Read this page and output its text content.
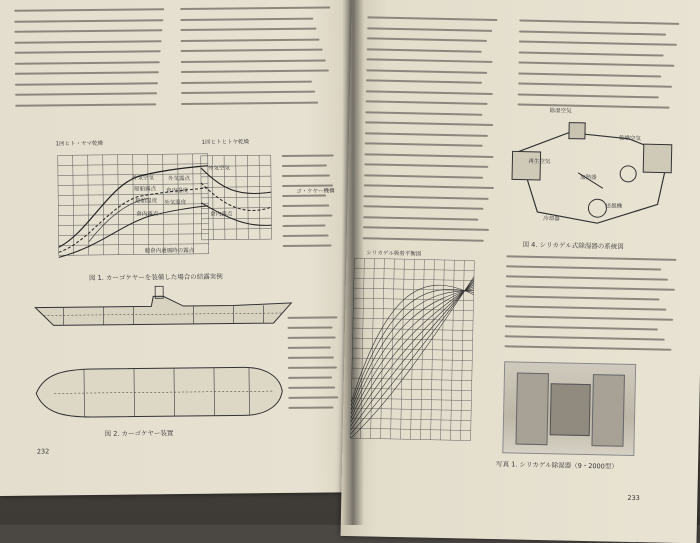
1回ヒト・ヤマ乾燥
外気空気	外気露点
船舶露点 倉内温度
船舶温度 外気温度
倉内露点
船倉内通風時の露点
1回ヒトヒトヤ乾燥
外気空気
倉内露点
図 1. カーゴケヤーを装備した場合の結露実例
図 2. カーゴケヤー装置
ゴ・ケヤー機構
232
シリカゲル吸着平衡図
除湿空気
乾燥空気
再生空気
加熱器
送風機
冷却器
図 4. シリカゲル式除湿器の系統図
写真 1. シリカゲル除湿器（9・2000型）
233
